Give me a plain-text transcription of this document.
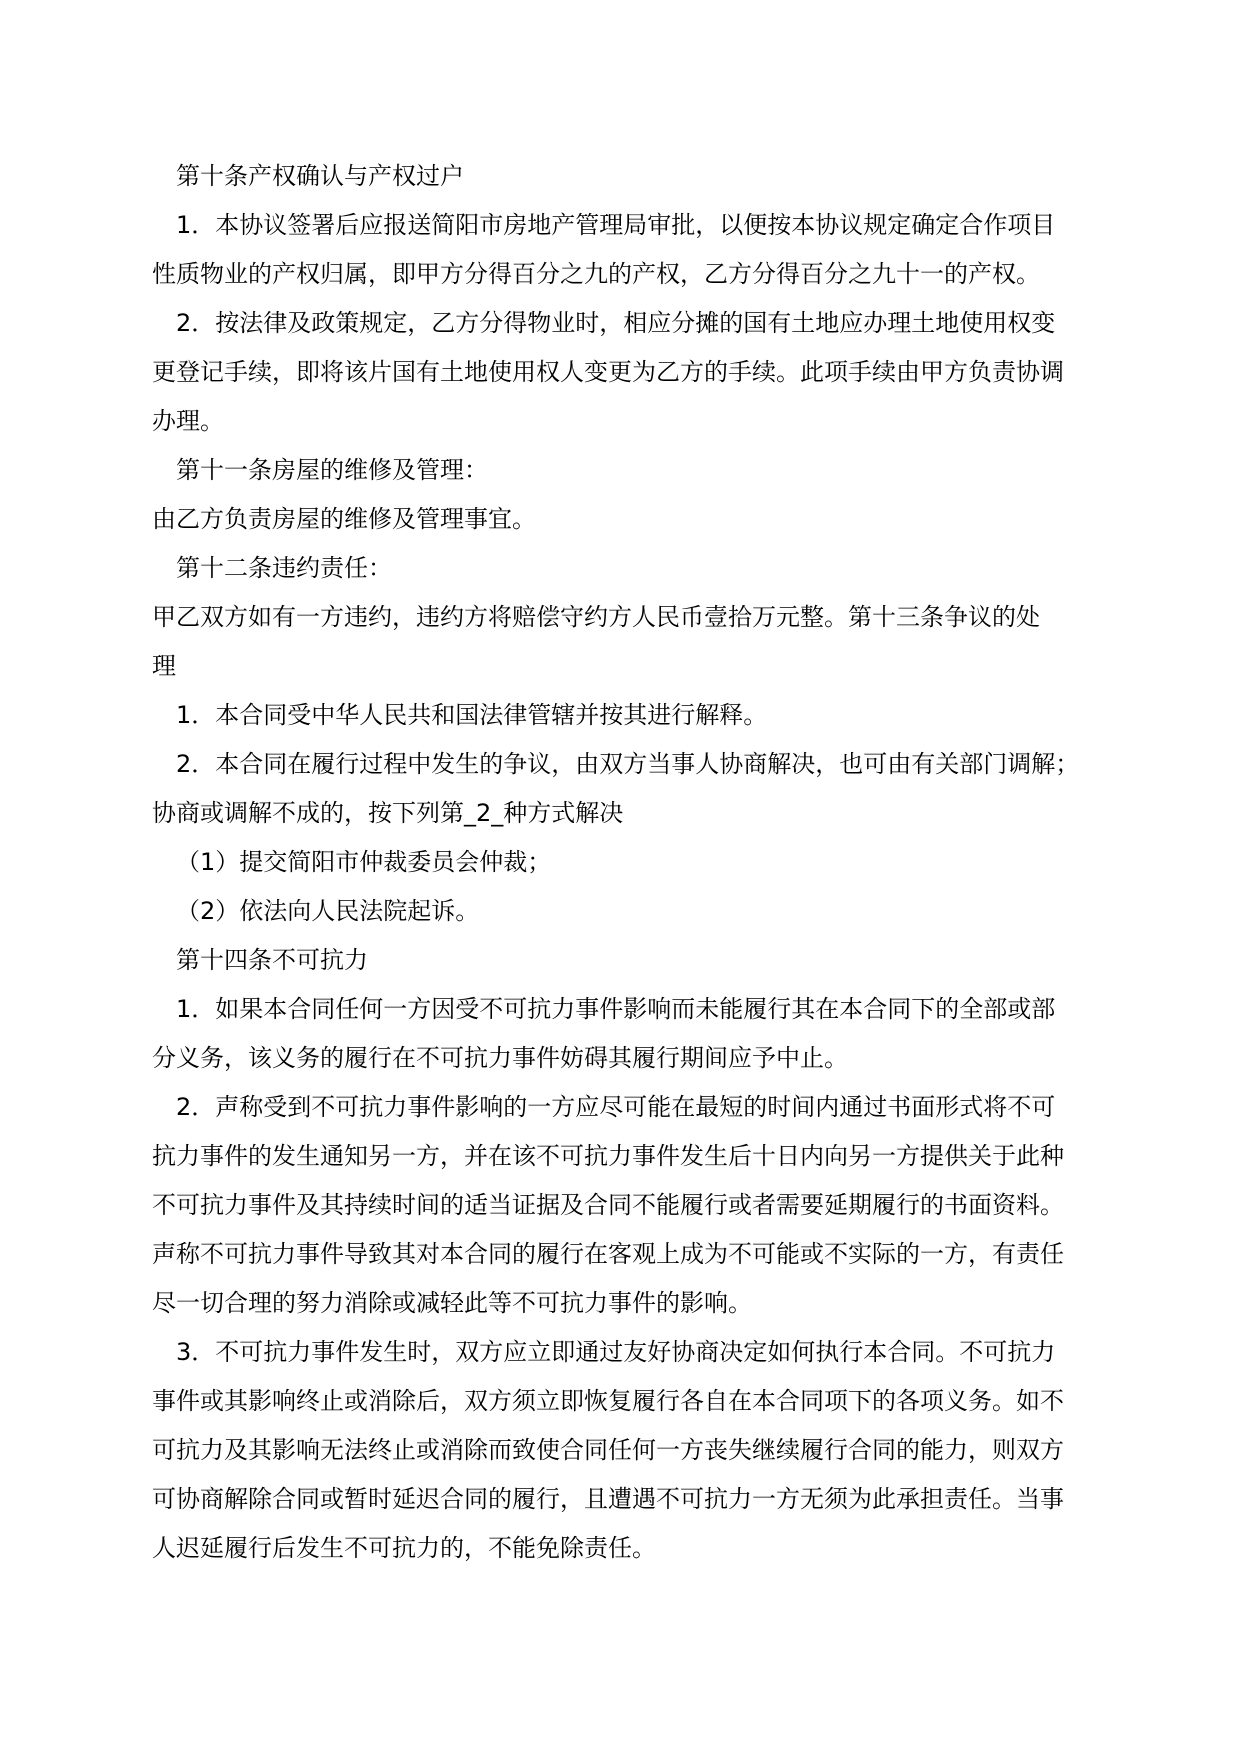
第十条产权确认与产权过户
1．本协议签署后应报送简阳市房地产管理局审批，以便按本协议规定确定合作项目
性质物业的产权归属，即甲方分得百分之九的产权，乙方分得百分之九十一的产权。
2．按法律及政策规定，乙方分得物业时，相应分摊的国有土地应办理土地使用权变
更登记手续，即将该片国有土地使用权人变更为乙方的手续。此项手续由甲方负责协调
办理。
第十一条房屋的维修及管理：
由乙方负责房屋的维修及管理事宜。
第十二条违约责任：
甲乙双方如有一方违约，违约方将赔偿守约方人民币壹拾万元整。第十三条争议的处
理
1．本合同受中华人民共和国法律管辖并按其进行解释。
2．本合同在履行过程中发生的争议，由双方当事人协商解决，也可由有关部门调解；
协商或调解不成的，按下列第_2_种方式解决
（1）提交简阳市仲裁委员会仲裁；
（2）依法向人民法院起诉。
第十四条不可抗力
1．如果本合同任何一方因受不可抗力事件影响而未能履行其在本合同下的全部或部
分义务，该义务的履行在不可抗力事件妨碍其履行期间应予中止。
2．声称受到不可抗力事件影响的一方应尽可能在最短的时间内通过书面形式将不可
抗力事件的发生通知另一方，并在该不可抗力事件发生后十日内向另一方提供关于此种
不可抗力事件及其持续时间的适当证据及合同不能履行或者需要延期履行的书面资料。
声称不可抗力事件导致其对本合同的履行在客观上成为不可能或不实际的一方，有责任
尽一切合理的努力消除或减轻此等不可抗力事件的影响。
3．不可抗力事件发生时，双方应立即通过友好协商决定如何执行本合同。不可抗力
事件或其影响终止或消除后，双方须立即恢复履行各自在本合同项下的各项义务。如不
可抗力及其影响无法终止或消除而致使合同任何一方丧失继续履行合同的能力，则双方
可协商解除合同或暂时延迟合同的履行，且遭遇不可抗力一方无须为此承担责任。当事
人迟延履行后发生不可抗力的，不能免除责任。
